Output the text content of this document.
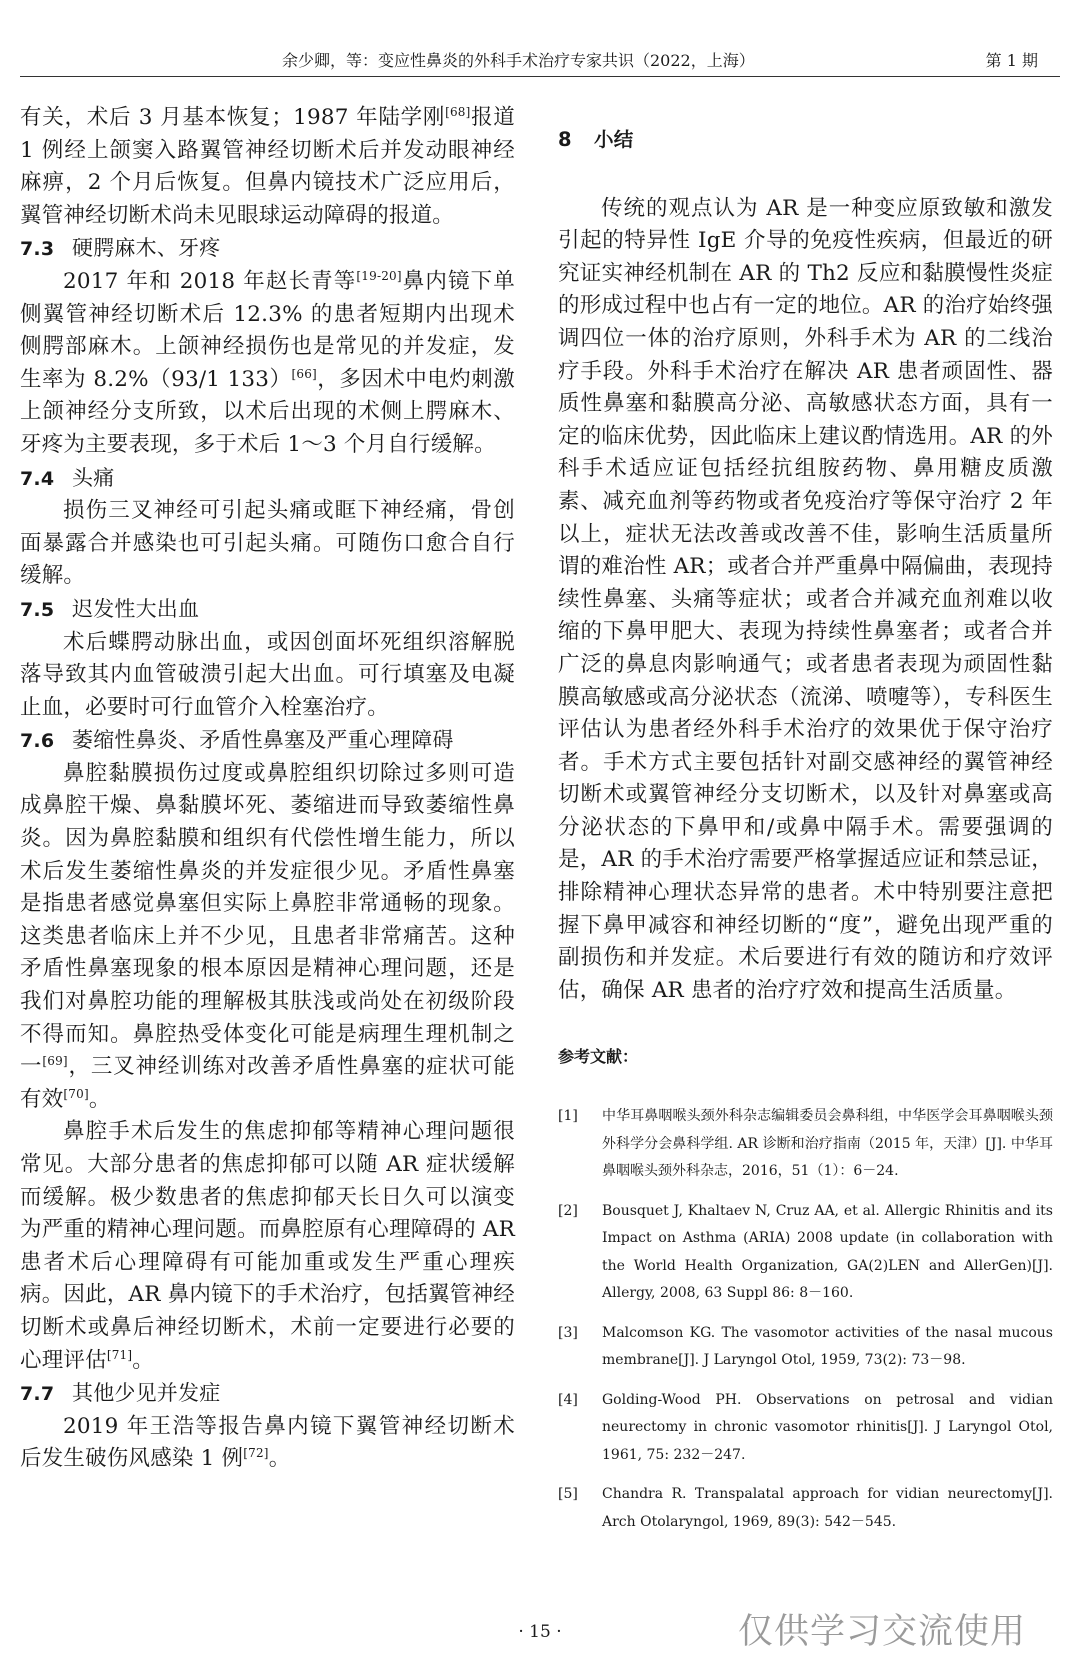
余少卿，等：变应性鼻炎的外科手术治疗专家共识（2022，上海）	第 1 期

有关，术后 3 月基本恢复；1987 年陆学刚[68]报道 1 例经上颌窦入路翼管神经切断术后并发动眼神经麻痹，2 个月后恢复。但鼻内镜技术广泛应用后，翼管神经切断术尚未见眼球运动障碍的报道。

7.3 硬腭麻木、牙疼

2017 年和 2018 年赵长青等[19-20]鼻内镜下单侧翼管神经切断术后 12.3% 的患者短期内出现术侧腭部麻木。上颌神经损伤也是常见的并发症，发生率为 8.2%（93/1 133）[66]，多因术中电灼刺激上颌神经分支所致，以术后出现的术侧上腭麻木、牙疼为主要表现，多于术后 1～3 个月自行缓解。

7.4 头痛

损伤三叉神经可引起头痛或眶下神经痛，骨创面暴露合并感染也可引起头痛。可随伤口愈合自行缓解。

7.5 迟发性大出血

术后蝶腭动脉出血，或因创面坏死组织溶解脱落导致其内血管破溃引起大出血。可行填塞及电凝止血，必要时可行血管介入栓塞治疗。

7.6 萎缩性鼻炎、矛盾性鼻塞及严重心理障碍

鼻腔黏膜损伤过度或鼻腔组织切除过多则可造成鼻腔干燥、鼻黏膜坏死、萎缩进而导致萎缩性鼻炎。因为鼻腔黏膜和组织有代偿性增生能力，所以术后发生萎缩性鼻炎的并发症很少见。矛盾性鼻塞是指患者感觉鼻塞但实际上鼻腔非常通畅的现象。这类患者临床上并不少见，且患者非常痛苦。这种矛盾性鼻塞现象的根本原因是精神心理问题，还是我们对鼻腔功能的理解极其肤浅或尚处在初级阶段不得而知。鼻腔热受体变化可能是病理生理机制之一[69]，三叉神经训练对改善矛盾性鼻塞的症状可能有效[70]。

鼻腔手术后发生的焦虑抑郁等精神心理问题很常见。大部分患者的焦虑抑郁可以随 AR 症状缓解而缓解。极少数患者的焦虑抑郁天长日久可以演变为严重的精神心理问题。而鼻腔原有心理障碍的 AR 患者术后心理障碍有可能加重或发生严重心理疾病。因此，AR 鼻内镜下的手术治疗，包括翼管神经切断术或鼻后神经切断术，术前一定要进行必要的心理评估[71]。

7.7 其他少见并发症

2019 年王浩等报告鼻内镜下翼管神经切断术后发生破伤风感染 1 例[72]。

8 小结

传统的观点认为 AR 是一种变应原致敏和激发引起的特异性 IgE 介导的免疫性疾病，但最近的研究证实神经机制在 AR 的 Th2 反应和黏膜慢性炎症的形成过程中也占有一定的地位。AR 的治疗始终强调四位一体的治疗原则，外科手术为 AR 的二线治疗手段。外科手术治疗在解决 AR 患者顽固性、器质性鼻塞和黏膜高分泌、高敏感状态方面，具有一定的临床优势，因此临床上建议酌情选用。AR 的外科手术适应证包括经抗组胺药物、鼻用糖皮质激素、减充血剂等药物或者免疫治疗等保守治疗 2 年以上，症状无法改善或改善不佳，影响生活质量所谓的难治性 AR；或者合并严重鼻中隔偏曲，表现持续性鼻塞、头痛等症状；或者合并减充血剂难以收缩的下鼻甲肥大、表现为持续性鼻塞者；或者合并广泛的鼻息肉影响通气；或者患者表现为顽固性黏膜高敏感或高分泌状态（流涕、喷嚏等），专科医生评估认为患者经外科手术治疗的效果优于保守治疗者。手术方式主要包括针对副交感神经的翼管神经切断术或翼管神经分支切断术，以及针对鼻塞或高分泌状态的下鼻甲和/或鼻中隔手术。需要强调的是，AR 的手术治疗需要严格掌握适应证和禁忌证，排除精神心理状态异常的患者。术中特别要注意把握下鼻甲减容和神经切断的“度”，避免出现严重的副损伤和并发症。术后要进行有效的随访和疗效评估，确保 AR 患者的治疗疗效和提高生活质量。

参考文献：
[1]	中华耳鼻咽喉头颈外科杂志编辑委员会鼻科组，中华医学会耳鼻咽喉头颈外科学分会鼻科学组. AR 诊断和治疗指南（2015 年，天津）[J]. 中华耳鼻咽喉头颈外科杂志，2016，51（1）：6－24.
[2]	Bousquet J, Khaltaev N, Cruz AA, et al. Allergic Rhinitis and its Impact on Asthma (ARIA) 2008 update (in collaboration with the World Health Organization, GA(2)LEN and AllerGen)[J]. Allergy, 2008, 63 Suppl 86: 8－160.
[3]	Malcomson KG. The vasomotor activities of the nasal mucous membrane[J]. J Laryngol Otol, 1959, 73(2): 73－98.
[4]	Golding-Wood PH. Observations on petrosal and vidian neurectomy in chronic vasomotor rhinitis[J]. J Laryngol Otol, 1961, 75: 232－247.
[5]	Chandra R. Transpalatal approach for vidian neurectomy[J]. Arch Otolaryngol, 1969, 89(3): 542－545.
· 15 ·	仅供学习交流使用
